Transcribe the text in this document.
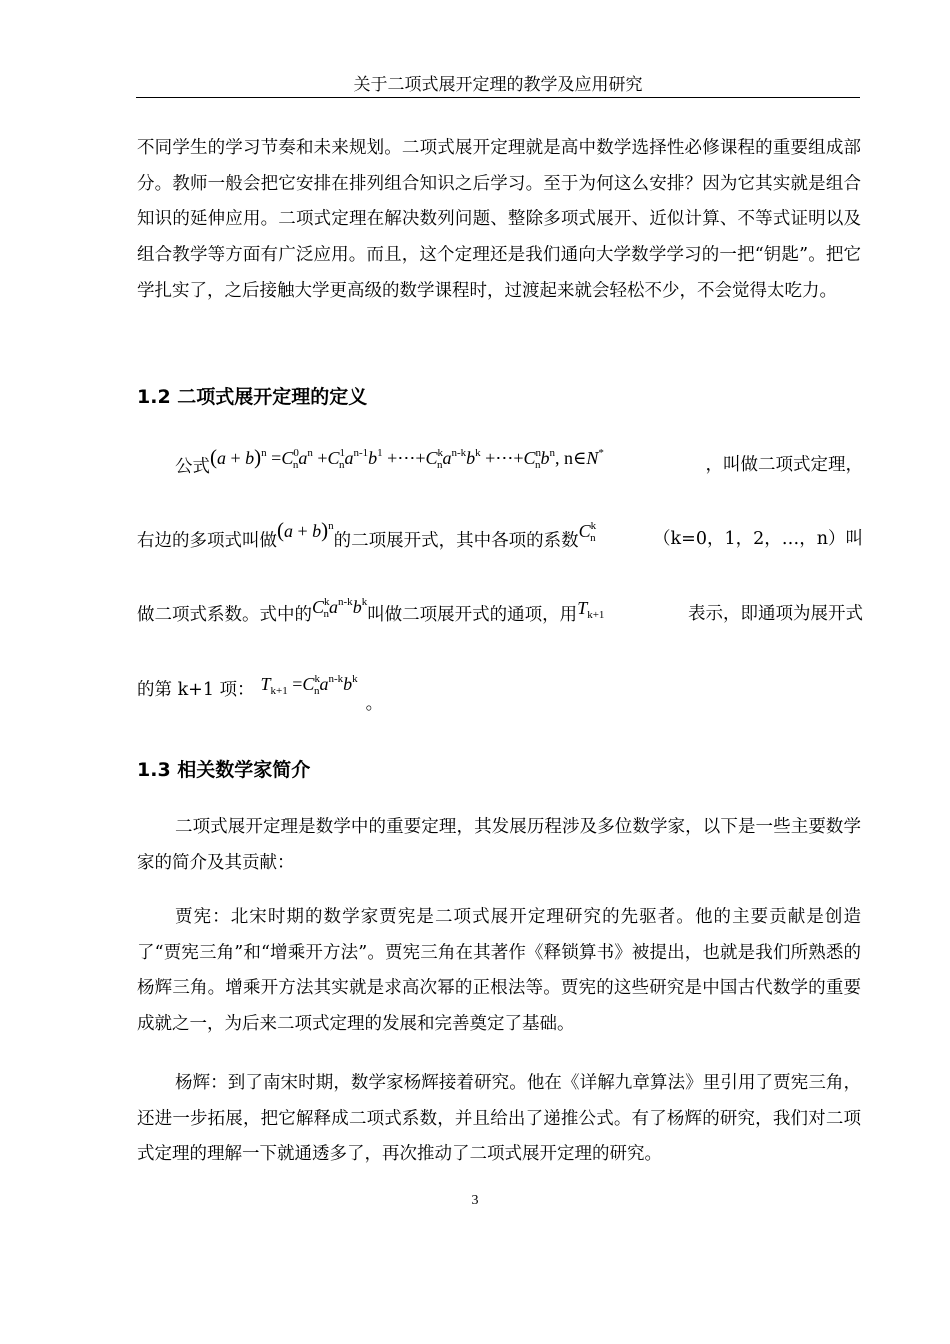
关于二项式展开定理的教学及应用研究
不同学生的学习节奏和未来规划。二项式展开定理就是高中数学选择性必修课程的重要组成部分。教师一般会把它安排在排列组合知识之后学习。至于为何这么安排？因为它其实就是组合知识的延伸应用。二项式定理在解决数列问题、整除多项式展开、近似计算、不等式证明以及组合教学等方面有广泛应用。而且，这个定理还是我们通向大学数学学习的一把“钥匙”。把它学扎实了，之后接触大学更高级的数学课程时，过渡起来就会轻松不少，不会觉得太吃力。
1.2 二项式展开定理的定义
公式$(a + b)^n =C^0_na^n +C^1_na^{n-1}b^1$ $+\cdots+C^k_na^{n-k}b^k$ $+\cdots+C^n_nb^n$, n∈N*
，叫做二项式定理，
右边的多项式叫做$(a + b)^n$的二项展开式，其中各项的系数$C^k_n$	（k=0，1，2，…，n）叫
做二项式系数。式中的$C^k_na^{n-k}b^k$叫做二项展开式的通项，用$T_{k+1}$	表示，即通项为展开式
的第 k+1 项： $T_{k+1} =C^k_na^{n-k}b^k$。
1.3 相关数学家简介
二项式展开定理是数学中的重要定理，其发展历程涉及多位数学家，以下是一些主要数学家的简介及其贡献：
贾宪：北宋时期的数学家贾宪是二项式展开定理研究的先驱者。他的主要贡献是创造了“贾宪三角”和“增乘开方法”。贾宪三角在其著作《释锁算书》被提出，也就是我们所熟悉的杨辉三角。增乘开方法其实就是求高次幂的正根法等。贾宪的这些研究是中国古代数学的重要成就之一，为后来二项式定理的发展和完善奠定了基础。
杨辉：到了南宋时期，数学家杨辉接着研究。他在《详解九章算法》里引用了贾宪三角，还进一步拓展，把它解释成二项式系数，并且给出了递推公式。有了杨辉的研究，我们对二项式定理的理解一下就通透多了，再次推动了二项式展开定理的研究。
3
